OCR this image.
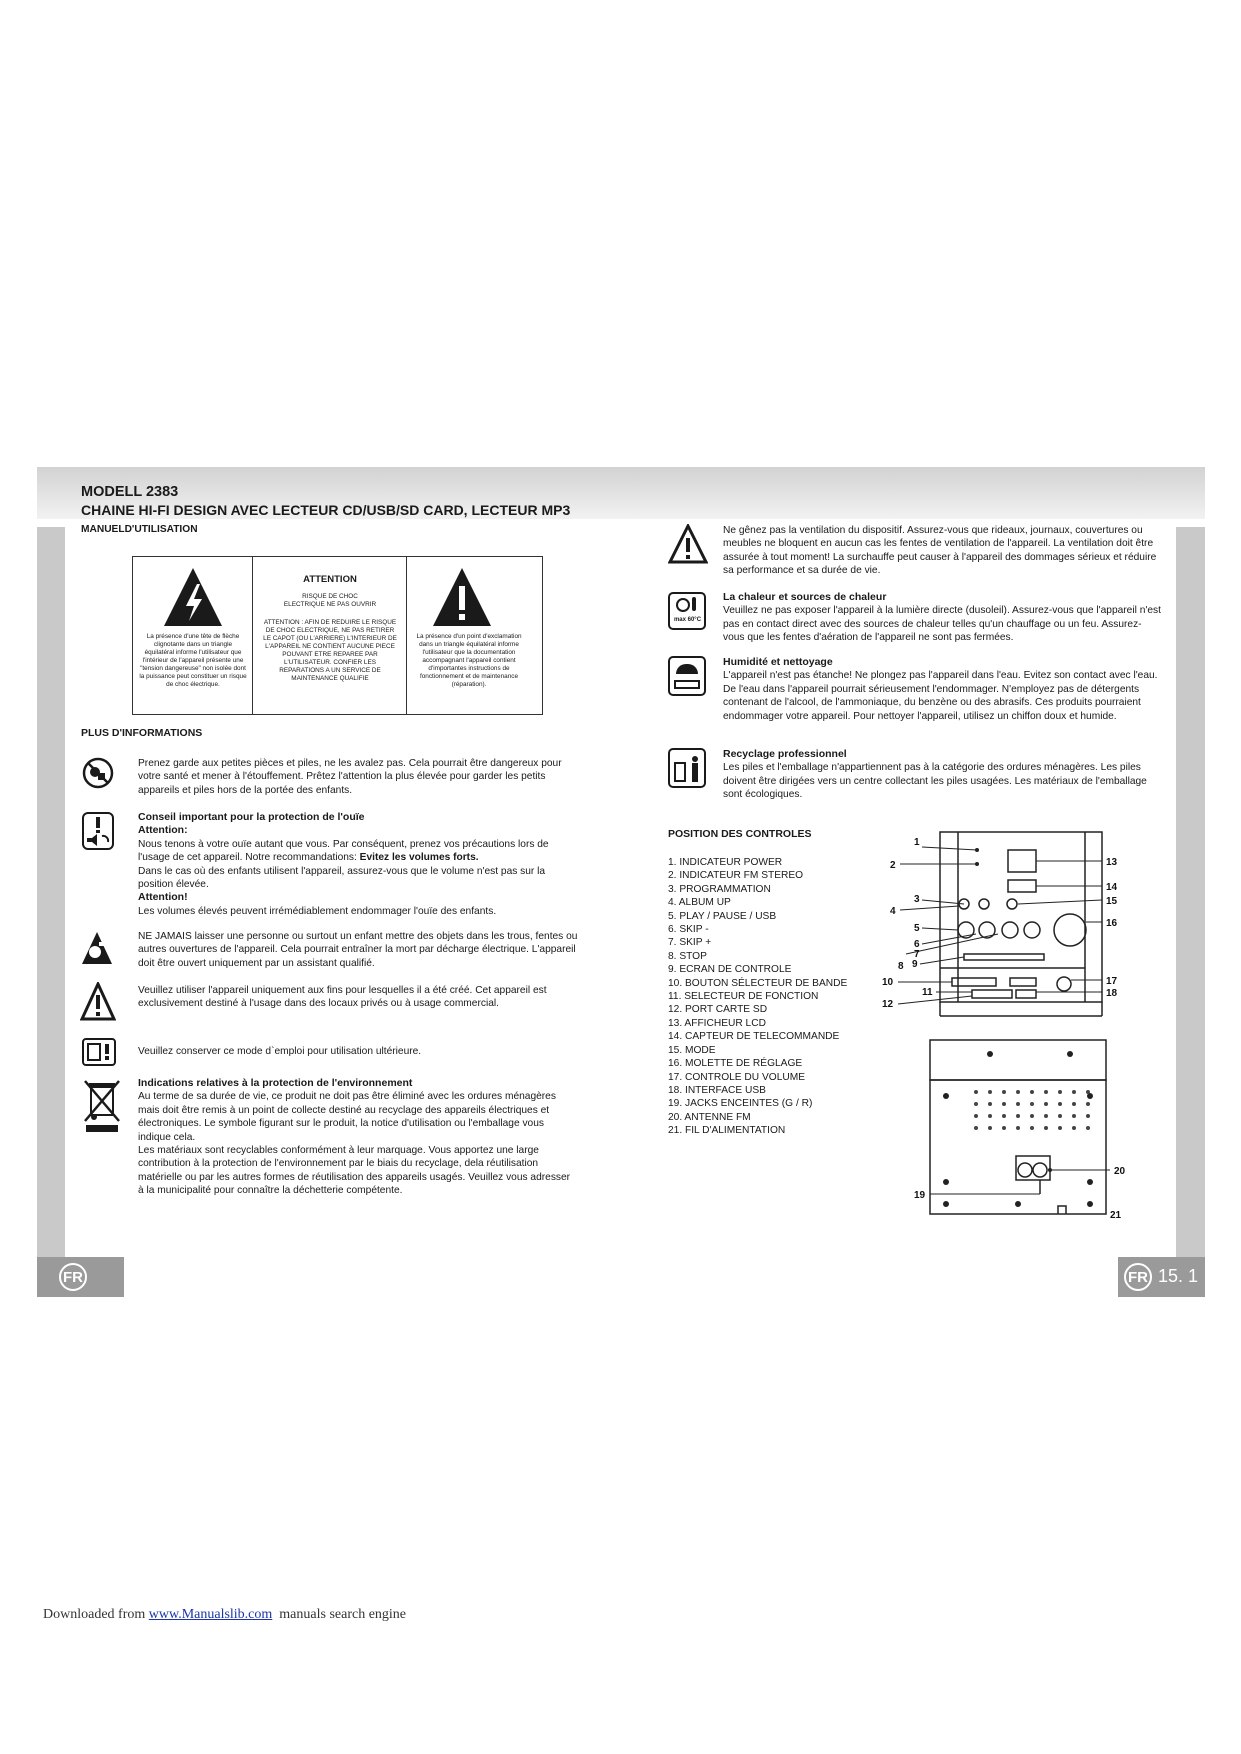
MODELL 2383
CHAINE HI-FI DESIGN AVEC LECTEUR CD/USB/SD CARD, LECTEUR MP3
MANUELD'UTILISATION
La présence d'une tête de flèche clignotante dans un triangle équilatéral informe l'utilisateur que l'intérieur de l'appareil présente une "tension dangereuse" non isolée dont la puissance peut constituer un risque de choc électrique.
ATTENTION
RISQUE DE CHOC ELECTRIQUE NE PAS OUVRIR
ATTENTION : AFIN DE REDUIRE LE RISQUE DE CHOC ELECTRIQUE, NE PAS RETIRER LE CAPOT (OU L'ARRIERE) L'INTERIEUR DE L'APPAREIL NE CONTIENT AUCUNE PIECE POUVANT ETRE REPAREE PAR L'UTILISATEUR. CONFIER LES REPARATIONS A UN SERVICE DE MAINTENANCE QUALIFIE
La présence d'un point d'exclamation dans un triangle équilatéral informe l'utilisateur que la documentation accompagnant l'appareil contient d'importantes instructions de fonctionnement et de maintenance (réparation).
PLUS D'INFORMATIONS
Prenez garde aux petites pièces et piles, ne les avalez pas. Cela pourrait être dangereux pour votre santé et mener à l'étouffement. Prêtez l'attention la plus élevée pour garder les petits appareils et piles hors de la portée des enfants.
Conseil important pour la protection de l'ouïe
Attention:
Nous tenons à votre ouïe autant que vous. Par conséquent, prenez vos précautions lors de l'usage de cet appareil. Notre recommandations: Evitez les volumes forts.
Dans le cas où des enfants utilisent l'appareil, assurez-vous que le volume n'est pas sur la position élevée.
Attention!
Les volumes élevés peuvent irrémédiablement endommager l'ouïe des enfants.
NE JAMAIS laisser une personne ou surtout un enfant mettre des objets dans les trous, fentes ou autres ouvertures de l'appareil. Cela pourrait entraîner la mort par décharge électrique. L'appareil doit être ouvert uniquement par un assistant qualifié.
Veuillez utiliser l'appareil uniquement aux fins pour lesquelles il a été créé. Cet appareil est exclusivement destiné à l'usage dans des locaux privés ou à usage commercial.
Veuillez conserver ce mode d`emploi pour utilisation ultérieure.
Indications relatives à la protection de l'environnement
Au terme de sa durée de vie, ce produit ne doit pas être éliminé avec les ordures ménagères mais doit être remis à un point de collecte destiné au recyclage des appareils électriques et électroniques. Le symbole figurant sur le produit, la notice d'utilisation ou l'emballage vous indique cela.
Les matériaux sont recyclables conformément à leur marquage. Vous apportez une large contribution à la protection de l'environnement par le biais du recyclage, dela réutilisation matérielle ou par les autres formes de réutilisation des appareils usagés. Veuillez vous adresser à la municipalité pour connaître la déchetterie compétente.
Ne gênez pas la ventilation du dispositif. Assurez-vous que rideaux, journaux, couvertures ou meubles ne bloquent en aucun cas les fentes de ventilation de l'appareil. La ventilation doit être assurée à tout moment! La surchauffe peut causer à l'appareil des dommages sérieux et réduire sa performance et sa durée de vie.
max 60°C
La chaleur et sources de chaleur
Veuillez ne pas exposer l'appareil à la lumière directe (dusoleil). Assurez-vous que l'appareil n'est pas en contact direct avec des sources de chaleur telles qu'un chauffage ou un feu. Assurez-vous que les fentes d'aération de l'appareil ne sont pas fermées.
Humidité et nettoyage
L'appareil n'est pas étanche! Ne plongez pas l'appareil dans l'eau. Evitez son contact avec l'eau. De l'eau dans l'appareil pourrait sérieusement l'endommager. N'employez pas de détergents contenant de l'alcool, de l'ammoniaque, du benzène ou des abrasifs. Ces produits pourraient endommager votre appareil. Pour nettoyer l'appareil, utilisez un chiffon doux et humide.
Recyclage professionnel
Les piles et l'emballage n'appartiennent pas à la catégorie des ordures ménagères. Les piles doivent être dirigées vers un centre collectant les piles usagées. Les matériaux de l'emballage sont écologiques.
POSITION DES CONTROLES
1. INDICATEUR POWER
2. INDICATEUR FM STEREO
3. PROGRAMMATION
4. ALBUM UP
5. PLAY / PAUSE / USB
6. SKIP -
7. SKIP +
8. STOP
9. ECRAN DE CONTROLE
10. BOUTON SÉLECTEUR DE BANDE
11. SELECTEUR DE FONCTION
12. PORT CARTE SD
13. AFFICHEUR LCD
14. CAPTEUR DE TELECOMMANDE
15. MODE
16. MOLETTE DE RÉGLAGE
17. CONTROLE DU VOLUME
18. INTERFACE USB
19. JACKS ENCEINTES (G / R)
20. ANTENNE FM
21. FIL D'ALIMENTATION
1
2
3
4
5
6
7
8 9
10
11
12
13
14
15
16
17
18
19
20
21
FR	FR 15. 1
Downloaded from www.Manualslib.com  manuals search engine
